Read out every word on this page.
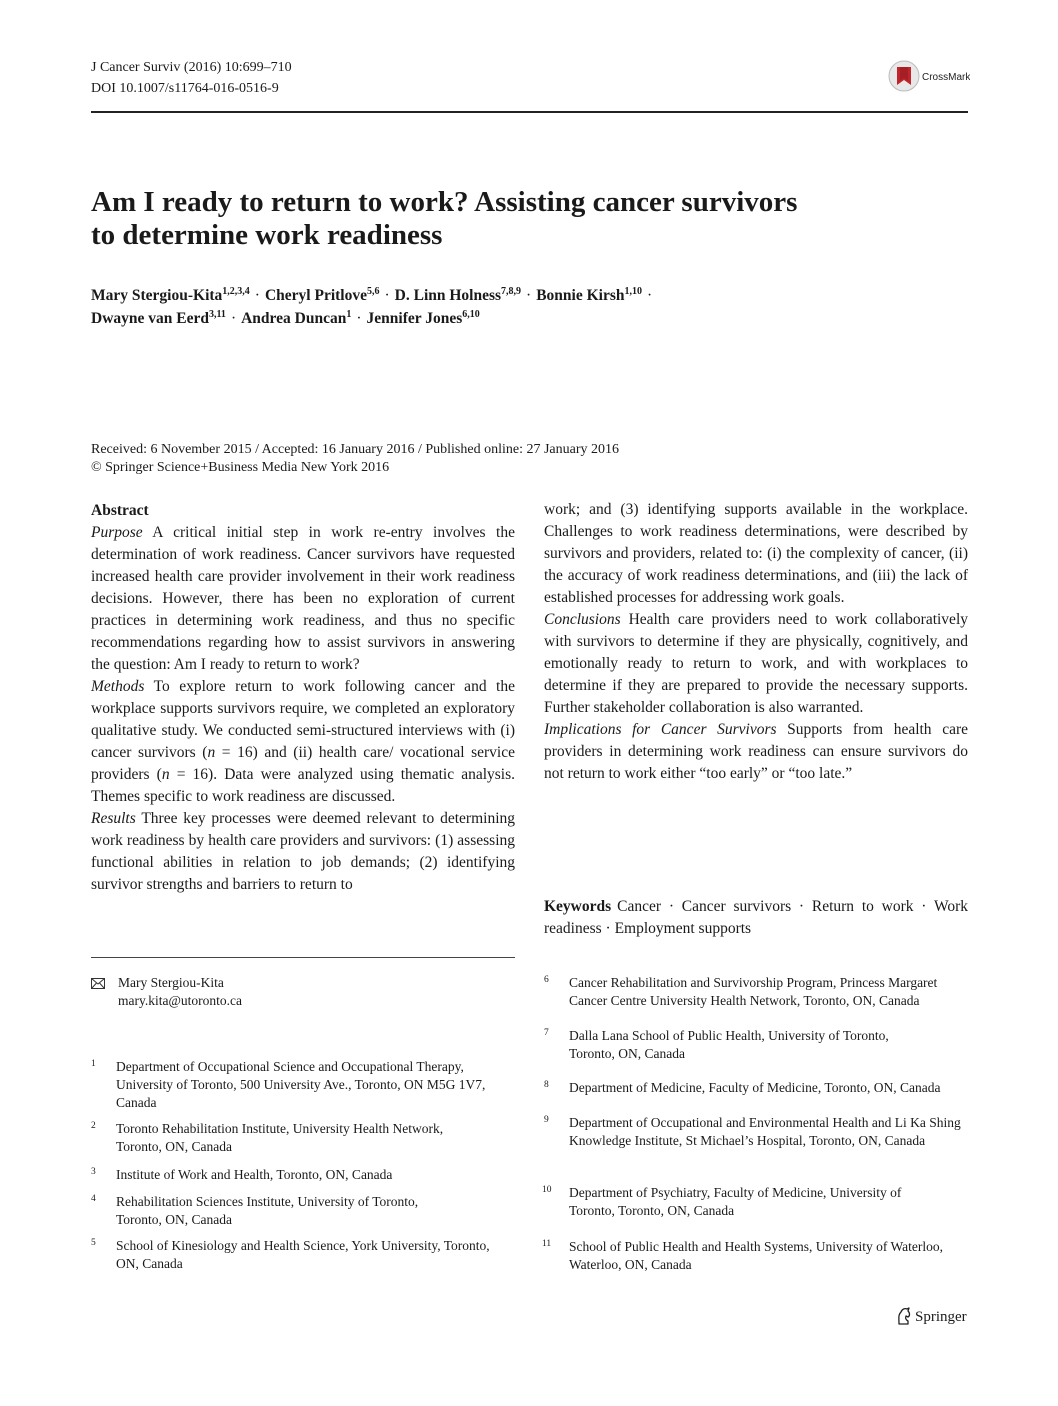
J Cancer Surviv (2016) 10:699–710
DOI 10.1007/s11764-016-0516-9
CrossMark
Am I ready to return to work? Assisting cancer survivors
to determine work readiness
Mary Stergiou-Kita$^{1,2,3,4}$ · Cheryl Pritlove$^{5,6}$ · D. Linn Holness$^{7,8,9}$ · Bonnie Kirsh$^{1,10}$ ·
Dwayne van Eerd$^{3,11}$ · Andrea Duncan$^1$ · Jennifer Jones$^{6,10}$
Received: 6 November 2015 / Accepted: 16 January 2016 / Published online: 27 January 2016
© Springer Science+Business Media New York 2016
Abstract

Purpose A critical initial step in work re-entry involves the determination of work readiness. Cancer survivors have requested increased health care provider involvement in their work readiness decisions. However, there has been no exploration of current practices in determining work readiness, and thus no specific recommendations regarding how to assist survivors in answering the question: Am I ready to return to work?

Methods To explore return to work following cancer and the workplace supports survivors require, we completed an exploratory qualitative study. We conducted semi-structured interviews with (i) cancer survivors (n = 16) and (ii) health care/ vocational service providers (n = 16). Data were analyzed using thematic analysis. Themes specific to work readiness are discussed.

Results Three key processes were deemed relevant to determining work readiness by health care providers and survivors: (1) assessing functional abilities in relation to job demands; (2) identifying survivor strengths and barriers to return to

work; and (3) identifying supports available in the workplace. Challenges to work readiness determinations, were described by survivors and providers, related to: (i) the complexity of cancer, (ii) the accuracy of work readiness determinations, and (iii) the lack of established processes for addressing work goals.

Conclusions Health care providers need to work collaboratively with survivors to determine if they are physically, cognitively, and emotionally ready to return to work, and with workplaces to determine if they are prepared to provide the necessary supports. Further stakeholder collaboration is also warranted.

Implications for Cancer Survivors Supports from health care providers in determining work readiness can ensure survivors do not return to work either “too early” or “too late.”

Keywords Cancer · Cancer survivors · Return to work · Work readiness · Employment supports
Mary Stergiou-Kita
mary.kita@utoronto.ca
1 Department of Occupational Science and Occupational Therapy, University of Toronto, 500 University Ave., Toronto, ON M5G 1V7, Canada
2 Toronto Rehabilitation Institute, University Health Network, Toronto, ON, Canada
3 Institute of Work and Health, Toronto, ON, Canada
4 Rehabilitation Sciences Institute, University of Toronto, Toronto, ON, Canada
5 School of Kinesiology and Health Science, York University, Toronto, ON, Canada
6 Cancer Rehabilitation and Survivorship Program, Princess Margaret Cancer Centre University Health Network, Toronto, ON, Canada
7 Dalla Lana School of Public Health, University of Toronto, Toronto, ON, Canada
8 Department of Medicine, Faculty of Medicine, Toronto, ON, Canada
9 Department of Occupational and Environmental Health and Li Ka Shing Knowledge Institute, St Michael’s Hospital, Toronto, ON, Canada
10 Department of Psychiatry, Faculty of Medicine, University of Toronto, Toronto, ON, Canada
11 School of Public Health and Health Systems, University of Waterloo, Waterloo, ON, Canada
Springer
